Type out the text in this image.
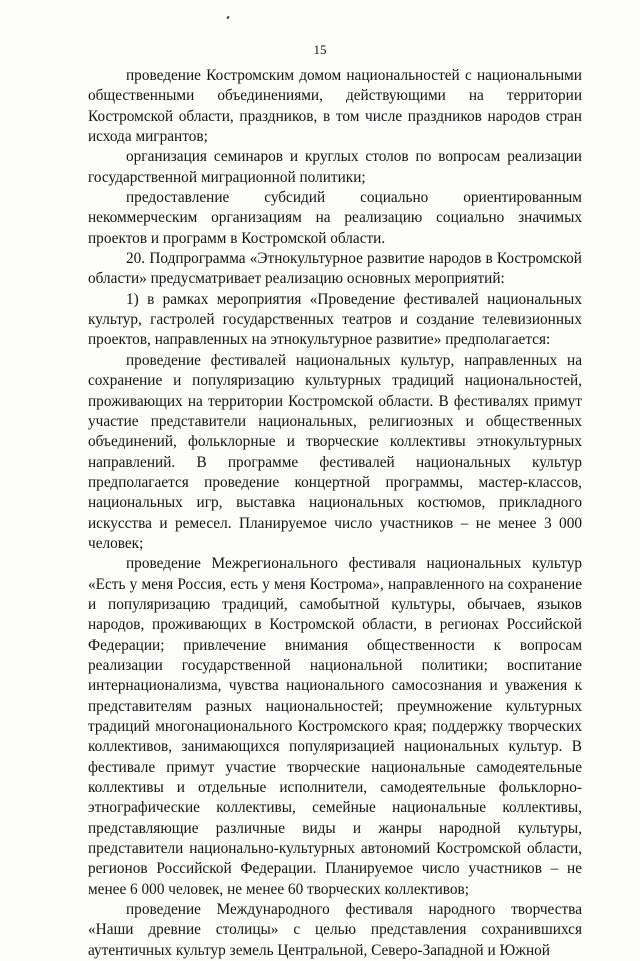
15

проведение Костромским домом национальностей с национальными общественными объединениями, действующими на территории Костромской области, праздников, в том числе праздников народов стран исхода мигрантов;

организация семинаров и круглых столов по вопросам реализации государственной миграционной политики;

предоставление субсидий социально ориентированным некоммерческим организациям на реализацию социально значимых проектов и программ в Костромской области.

20. Подпрограмма «Этнокультурное развитие народов в Костромской области» предусматривает реализацию основных мероприятий:

1) в рамках мероприятия «Проведение фестивалей национальных культур, гастролей государственных театров и создание телевизионных проектов, направленных на этнокультурное развитие» предполагается:

проведение фестивалей национальных культур, направленных на сохранение и популяризацию культурных традиций национальностей, проживающих на территории Костромской области. В фестивалях примут участие представители национальных, религиозных и общественных объединений, фольклорные и творческие коллективы этнокультурных направлений. В программе фестивалей национальных культур предполагается проведение концертной программы, мастер-классов, национальных игр, выставка национальных костюмов, прикладного искусства и ремесел. Планируемое число участников – не менее 3 000 человек;

проведение Межрегионального фестиваля национальных культур «Есть у меня Россия, есть у меня Кострома», направленного на сохранение и популяризацию традиций, самобытной культуры, обычаев, языков народов, проживающих в Костромской области, в регионах Российской Федерации; привлечение внимания общественности к вопросам реализации государственной национальной политики; воспитание интернационализма, чувства национального самосознания и уважения к представителям разных национальностей; преумножение культурных традиций многонационального Костромского края; поддержку творческих коллективов, занимающихся популяризацией национальных культур. В фестивале примут участие творческие национальные самодеятельные коллективы и отдельные исполнители, самодеятельные фольклорно-этнографические коллективы, семейные национальные коллективы, представляющие различные виды и жанры народной культуры, представители национально-культурных автономий Костромской области, регионов Российской Федерации. Планируемое число участников – не менее 6 000 человек, не менее 60 творческих коллективов;

проведение Международного фестиваля народного творчества «Наши древние столицы» с целью представления сохранившихся аутентичных культур земель Центральной, Северо-Западной и Южной
